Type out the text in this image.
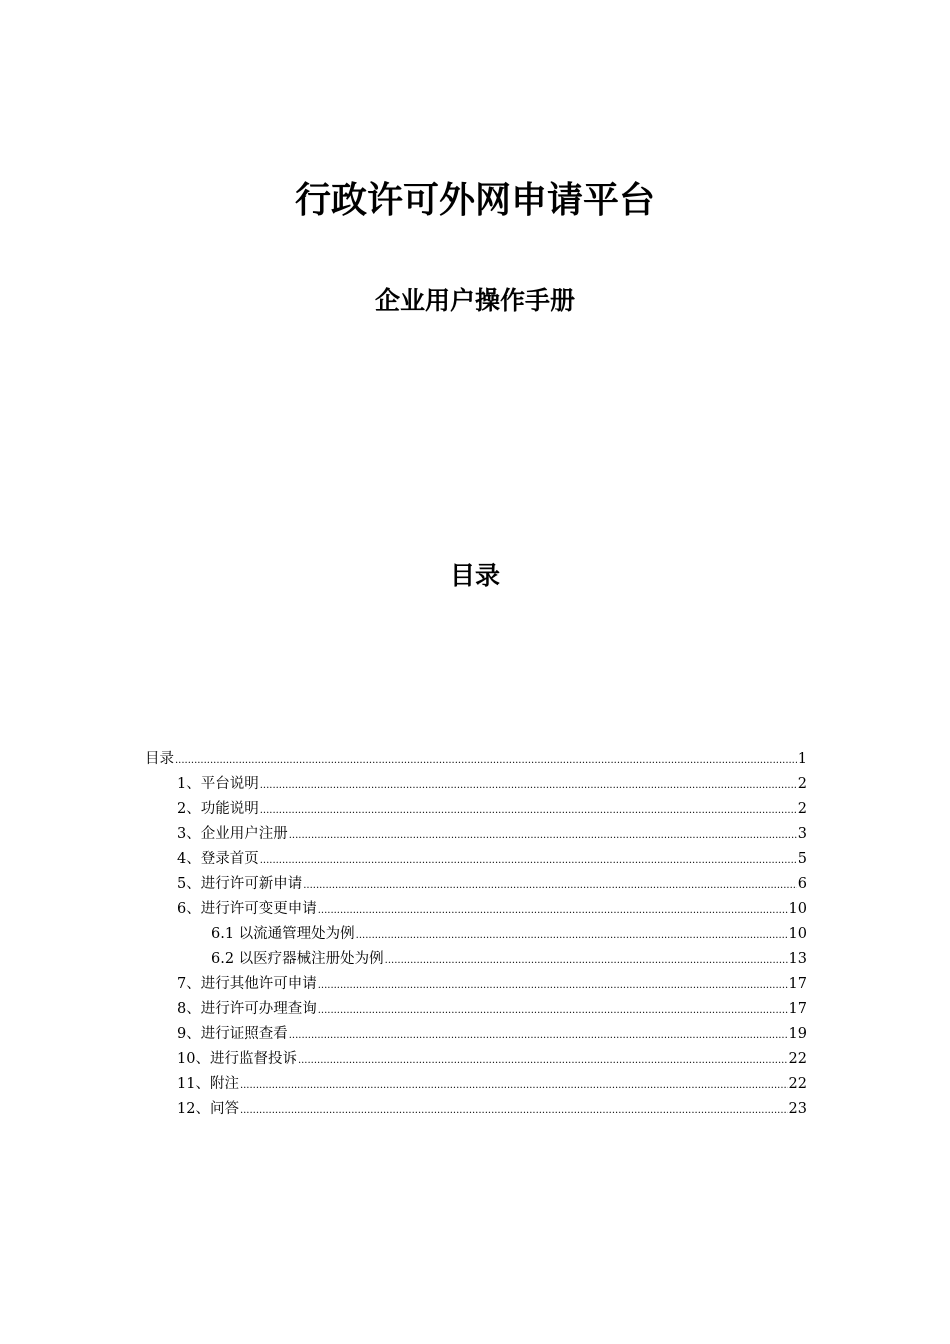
行政许可外网申请平台
企业用户操作手册
目录
目录 .....	1
1、平台说明 .....	2
2、功能说明 .....	2
3、企业用户注册 .....	3
4、登录首页 .....	5
5、进行许可新申请 .....	6
6、进行许可变更申请 .....	10
6.1 以流通管理处为例 .....	10
6.2 以医疗器械注册处为例 .....	13
7、进行其他许可申请 .....	17
8、进行许可办理查询 .....	17
9、进行证照查看 .....	19
10、进行监督投诉 .....	22
11、附注 .....	22
12、问答 .....	23
